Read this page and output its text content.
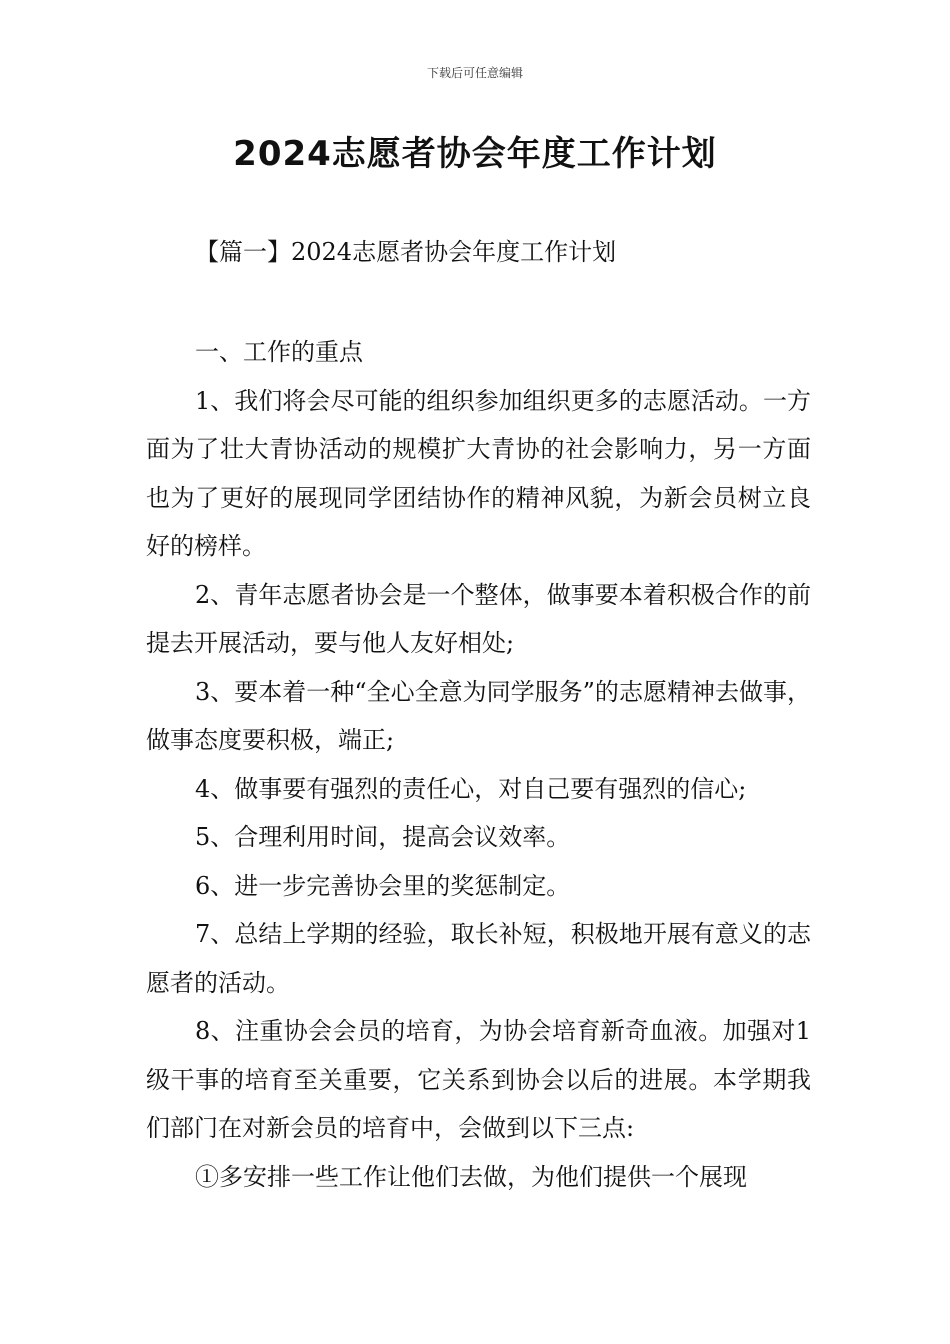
下载后可任意编辑
2024志愿者协会年度工作计划
【篇一】2024志愿者协会年度工作计划

一、工作的重点

1、我们将会尽可能的组织参加组织更多的志愿活动。一方面为了壮大青协活动的规模扩大青协的社会影响力，另一方面也为了更好的展现同学团结协作的精神风貌，为新会员树立良好的榜样。

2、青年志愿者协会是一个整体，做事要本着积极合作的前提去开展活动，要与他人友好相处;

3、要本着一种“全心全意为同学服务”的志愿精神去做事，做事态度要积极，端正;

4、做事要有强烈的责任心，对自己要有强烈的信心;

5、合理利用时间，提高会议效率。

6、进一步完善协会里的奖惩制定。

7、总结上学期的经验，取长补短，积极地开展有意义的志愿者的活动。

8、注重协会会员的培育，为协会培育新奇血液。加强对1级干事的培育至关重要，它关系到协会以后的进展。本学期我们部门在对新会员的培育中，会做到以下三点:

①多安排一些工作让他们去做，为他们提供一个展现
